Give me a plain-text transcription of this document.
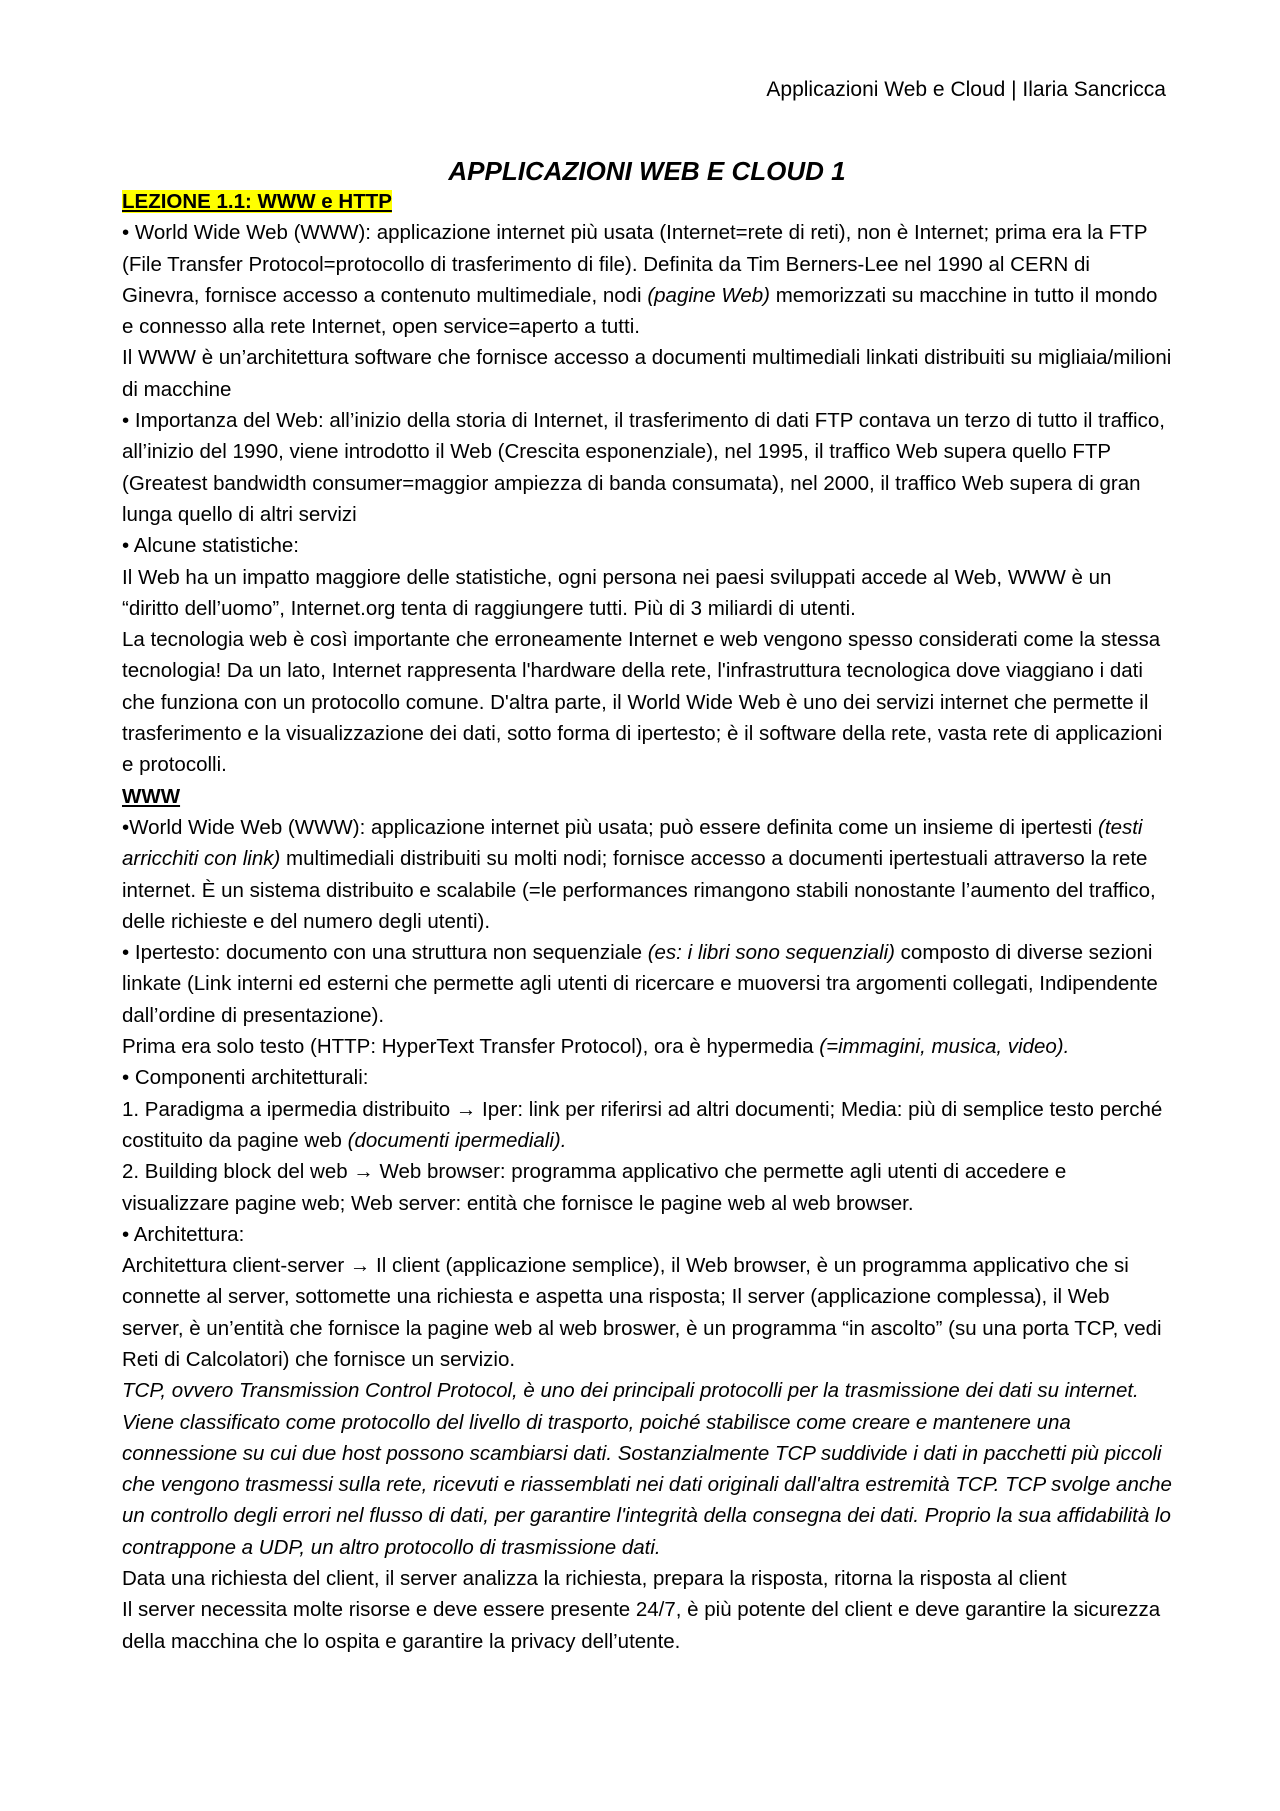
Applicazioni Web e Cloud | Ilaria Sancricca
APPLICAZIONI WEB E CLOUD 1

LEZIONE 1.1: WWW e HTTP

• World Wide Web (WWW): applicazione internet più usata (Internet=rete di reti), non è Internet; prima era la FTP (File Transfer Protocol=protocollo di trasferimento di file). Definita da Tim Berners-Lee nel 1990 al CERN di Ginevra, fornisce accesso a contenuto multimediale, nodi (pagine Web) memorizzati su macchine in tutto il mondo e connesso alla rete Internet, open service=aperto a tutti.

Il WWW è un’architettura software che fornisce accesso a documenti multimediali linkati distribuiti su migliaia/milioni di macchine

• Importanza del Web: all’inizio della storia di Internet, il trasferimento di dati FTP contava un terzo di tutto il traffico, all’inizio del 1990, viene introdotto il Web (Crescita esponenziale), nel 1995, il traffico Web supera quello FTP (Greatest bandwidth consumer=maggior ampiezza di banda consumata), nel 2000, il traffico Web supera di gran lunga quello di altri servizi

• Alcune statistiche:

Il Web ha un impatto maggiore delle statistiche, ogni persona nei paesi sviluppati accede al Web, WWW è un “diritto dell’uomo”, Internet.org tenta di raggiungere tutti. Più di 3 miliardi di utenti.

La tecnologia web è così importante che erroneamente Internet e web vengono spesso considerati come la stessa tecnologia! Da un lato, Internet rappresenta l'hardware della rete, l'infrastruttura tecnologica dove viaggiano i dati che funziona con un protocollo comune. D'altra parte, il World Wide Web è uno dei servizi internet che permette il trasferimento e la visualizzazione dei dati, sotto forma di ipertesto; è il software della rete, vasta rete di applicazioni e protocolli.

WWW

•World Wide Web (WWW): applicazione internet più usata; può essere definita come un insieme di ipertesti (testi arricchiti con link) multimediali distribuiti su molti nodi; fornisce accesso a documenti ipertestuali attraverso la rete internet. È un sistema distribuito e scalabile (=le performances rimangono stabili nonostante l’aumento del traffico, delle richieste e del numero degli utenti).

• Ipertesto: documento con una struttura non sequenziale (es: i libri sono sequenziali) composto di diverse sezioni linkate (Link interni ed esterni che permette agli utenti di ricercare e muoversi tra argomenti collegati, Indipendente dall’ordine di presentazione).

Prima era solo testo (HTTP: HyperText Transfer Protocol), ora è hypermedia (=immagini, musica, video).

• Componenti architetturali:

1. Paradigma a ipermedia distribuito → Iper: link per riferirsi ad altri documenti; Media: più di semplice testo perché costituito da pagine web (documenti ipermediali).

2. Building block del web → Web browser: programma applicativo che permette agli utenti di accedere e visualizzare pagine web; Web server: entità che fornisce le pagine web al web browser.

• Architettura:

Architettura client-server → Il client (applicazione semplice), il Web browser, è un programma applicativo che si connette al server, sottomette una richiesta e aspetta una risposta; Il server (applicazione complessa), il Web server, è un’entità che fornisce la pagine web al web broswer, è un programma “in ascolto” (su una porta TCP, vedi Reti di Calcolatori) che fornisce un servizio.

TCP, ovvero Transmission Control Protocol, è uno dei principali protocolli per la trasmissione dei dati su internet. Viene classificato come protocollo del livello di trasporto, poiché stabilisce come creare e mantenere una connessione su cui due host possono scambiarsi dati. Sostanzialmente TCP suddivide i dati in pacchetti più piccoli che vengono trasmessi sulla rete, ricevuti e riassemblati nei dati originali dall'altra estremità TCP. TCP svolge anche un controllo degli errori nel flusso di dati, per garantire l'integrità della consegna dei dati. Proprio la sua affidabilità lo contrappone a UDP, un altro protocollo di trasmissione dati.

Data una richiesta del client, il server analizza la richiesta, prepara la risposta, ritorna la risposta al client

Il server necessita molte risorse e deve essere presente 24/7, è più potente del client e deve garantire la sicurezza della macchina che lo ospita e garantire la privacy dell’utente.
